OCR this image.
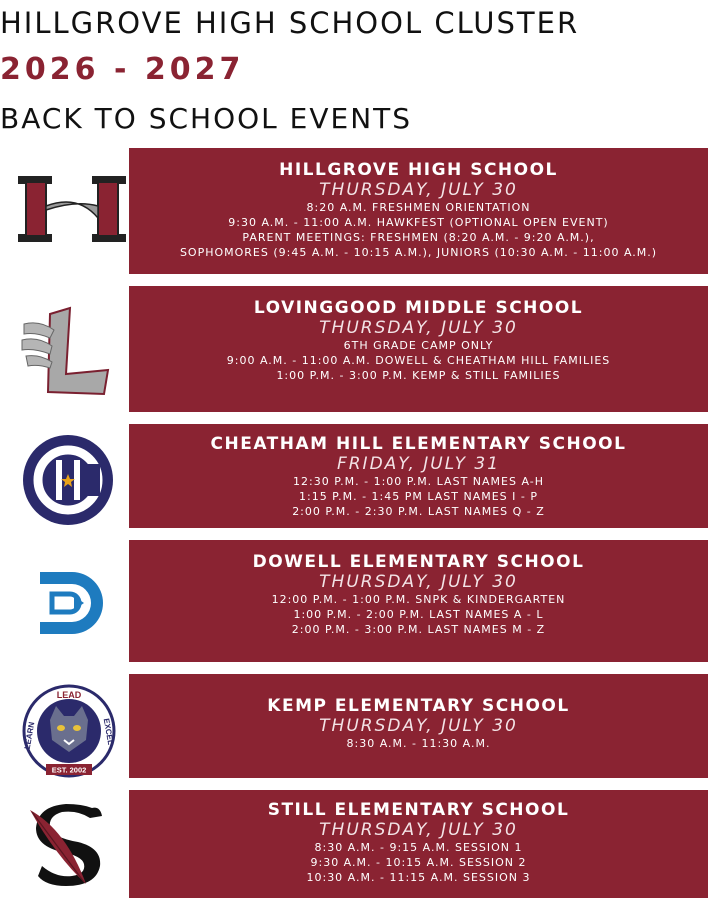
HILLGROVE HIGH SCHOOL CLUSTER
2026 - 2027
BACK TO SCHOOL EVENTS
HILLGROVE HIGH SCHOOL
THURSDAY, JULY 30
8:20 A.M. FRESHMEN ORIENTATION
9:30 A.M. - 11:00 A.M. HAWKFEST (OPTIONAL OPEN EVENT)
PARENT MEETINGS: FRESHMEN (8:20 A.M. - 9:20 A.M.),
SOPHOMORES (9:45 A.M. - 10:15 A.M.), JUNIORS (10:30 A.M. - 11:00 A.M.)
LOVINGGOOD MIDDLE SCHOOL
THURSDAY, JULY 30
6TH GRADE CAMP ONLY
9:00 A.M. - 11:00 A.M. DOWELL & CHEATHAM HILL FAMILIES
1:00 P.M. - 3:00 P.M. KEMP & STILL FAMILIES
CHEATHAM HILL ELEMENTARY SCHOOL
FRIDAY, JULY 31
12:30 P.M. - 1:00 P.M. LAST NAMES A-H
1:15 P.M. - 1:45 PM LAST NAMES I - P
2:00 P.M. - 2:30 P.M. LAST NAMES Q - Z
DOWELL ELEMENTARY SCHOOL
THURSDAY, JULY 30
12:00 P.M. - 1:00 P.M. SNPK & KINDERGARTEN
1:00 P.M. - 2:00 P.M. LAST NAMES A - L
2:00 P.M. - 3:00 P.M. LAST NAMES M - Z
KEMP ELEMENTARY SCHOOL
THURSDAY, JULY 30
8:30 A.M. - 11:30 A.M.
LEAD
LEARN	EXCEL
EST. 2002
STILL ELEMENTARY SCHOOL
THURSDAY, JULY 30
8:30 A.M. - 9:15 A.M. SESSION 1
9:30 A.M. - 10:15 A.M. SESSION 2
10:30 A.M. - 11:15 A.M. SESSION 3
